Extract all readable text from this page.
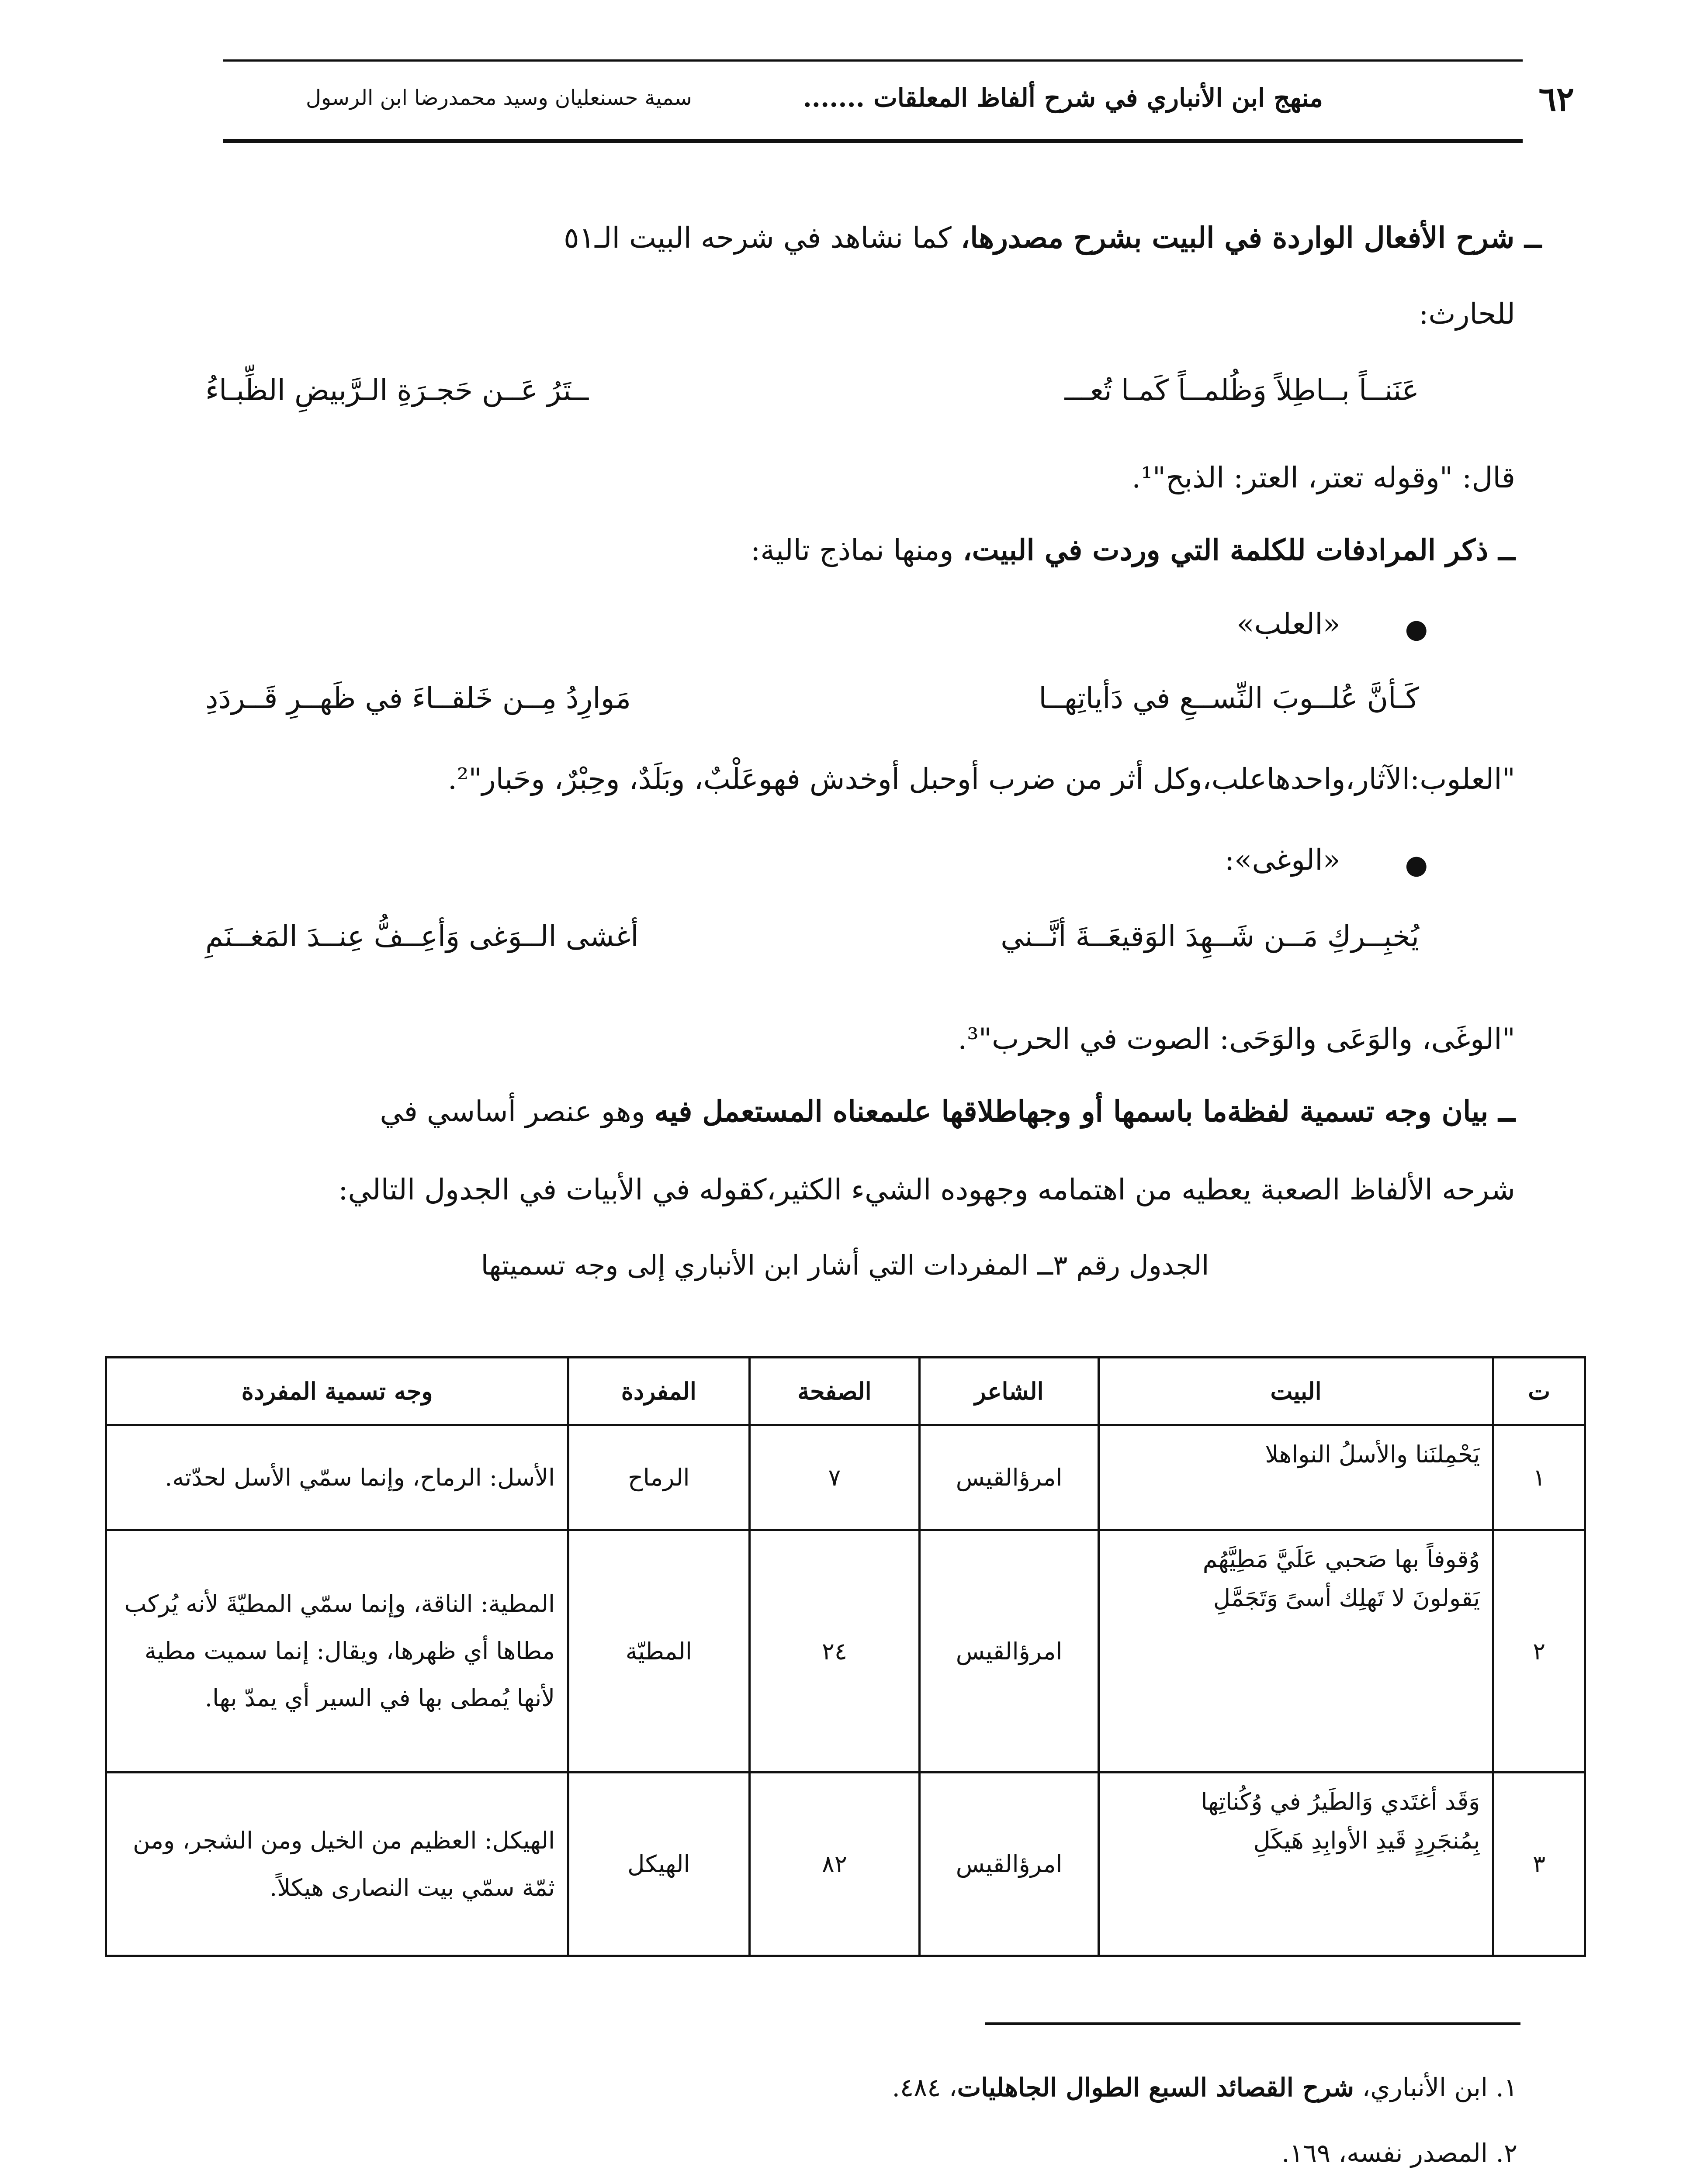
٦٢
منهج ابن الأنباري في شرح ألفاظ المعلقات .......
سمية حسنعليان وسيد محمدرضا ابن الرسول
ــ شرح الأفعال الواردة في البيت بشرح مصدرها، كما نشاهد في شرحه البيت الـ٥١
للحارث:
عَنَنــاً بــاطِلاً وَظُلمــاً كَمـا تُعـــ
ــتَرُ عَــن حَجـرَةِ الـرَّبيضِ الظِّبـاءُ
قال: "وقوله تعتر، العتر: الذبح"¹.
ــ ذكر المرادفات للكلمة التي وردت في البيت، ومنها نماذج تالية:
●
«العلب»
كَـأنَّ عُلــوبَ النِّســعِ في دَأياتِهــا
مَوارِدُ مِــن خَلقــاءَ في ظَهــرِ قَــردَدِ
"العلوب:الآثار،واحدهاعلب،وكل أثر من ضرب أوحبل أوخدش فهوعَلْبٌ، وبَلَدٌ، وحِبْرٌ، وحَبار"².
●
«الوغى»:
يُخبِــركِ مَــن شَــهِدَ الوَقيعَــةَ أنَّــني
أغشى الــوَغى وَأعِــفُّ عِنــدَ المَغــنَمِ
"الوغَى، والوَعَى والوَحَى: الصوت في الحرب"³.
ــ بيان وجه تسمية لفظةما باسمها أو وجهاطلاقها علىمعناه المستعمل فيه وهو عنصر أساسي في
شرحه الألفاظ الصعبة يعطيه من اهتمامه وجهوده الشيء الكثير،كقوله في الأبيات في الجدول التالي:
الجدول رقم ٣ــ المفردات التي أشار ابن الأنباري إلى وجه تسميتها
ت	البيت	الشاعر	الصفحة	المفردة	وجه تسمية المفردة
١	يَحْمِلنَنا والأسلُ النواهلا	امرؤالقيس	٧	الرماح	الأسل: الرماح، وإنما سمّي الأسل لحدّته.
٢	وُقوفاً بها صَحبي عَلَيَّ مَطِيَّهُم
يَقولونَ لا تَهلِك أسىً وَتَجَمَّلِ	امرؤالقيس	٢٤	المطيّة	المطية: الناقة، وإنما سمّي المطيّةَ لأنه يُركب مطاها أي ظهرها، ويقال: إنما سميت مطية لأنها يُمطى بها في السير أي يمدّ بها.
٣	وَقَد أغتَدي وَالطَيرُ في وُكُناتِها
بِمُنجَرِدٍ قَيدِ الأوابِدِ هَيكَلِ	امرؤالقيس	٨٢	الهيكل	الهيكل: العظيم من الخيل ومن الشجر، ومن ثمّة سمّي بيت النصارى هيكلاً.
١. ابن الأنباري، شرح القصائد السبع الطوال الجاهليات، ٤٨٤.
٢. المصدر نفسه، ١٦٩.
